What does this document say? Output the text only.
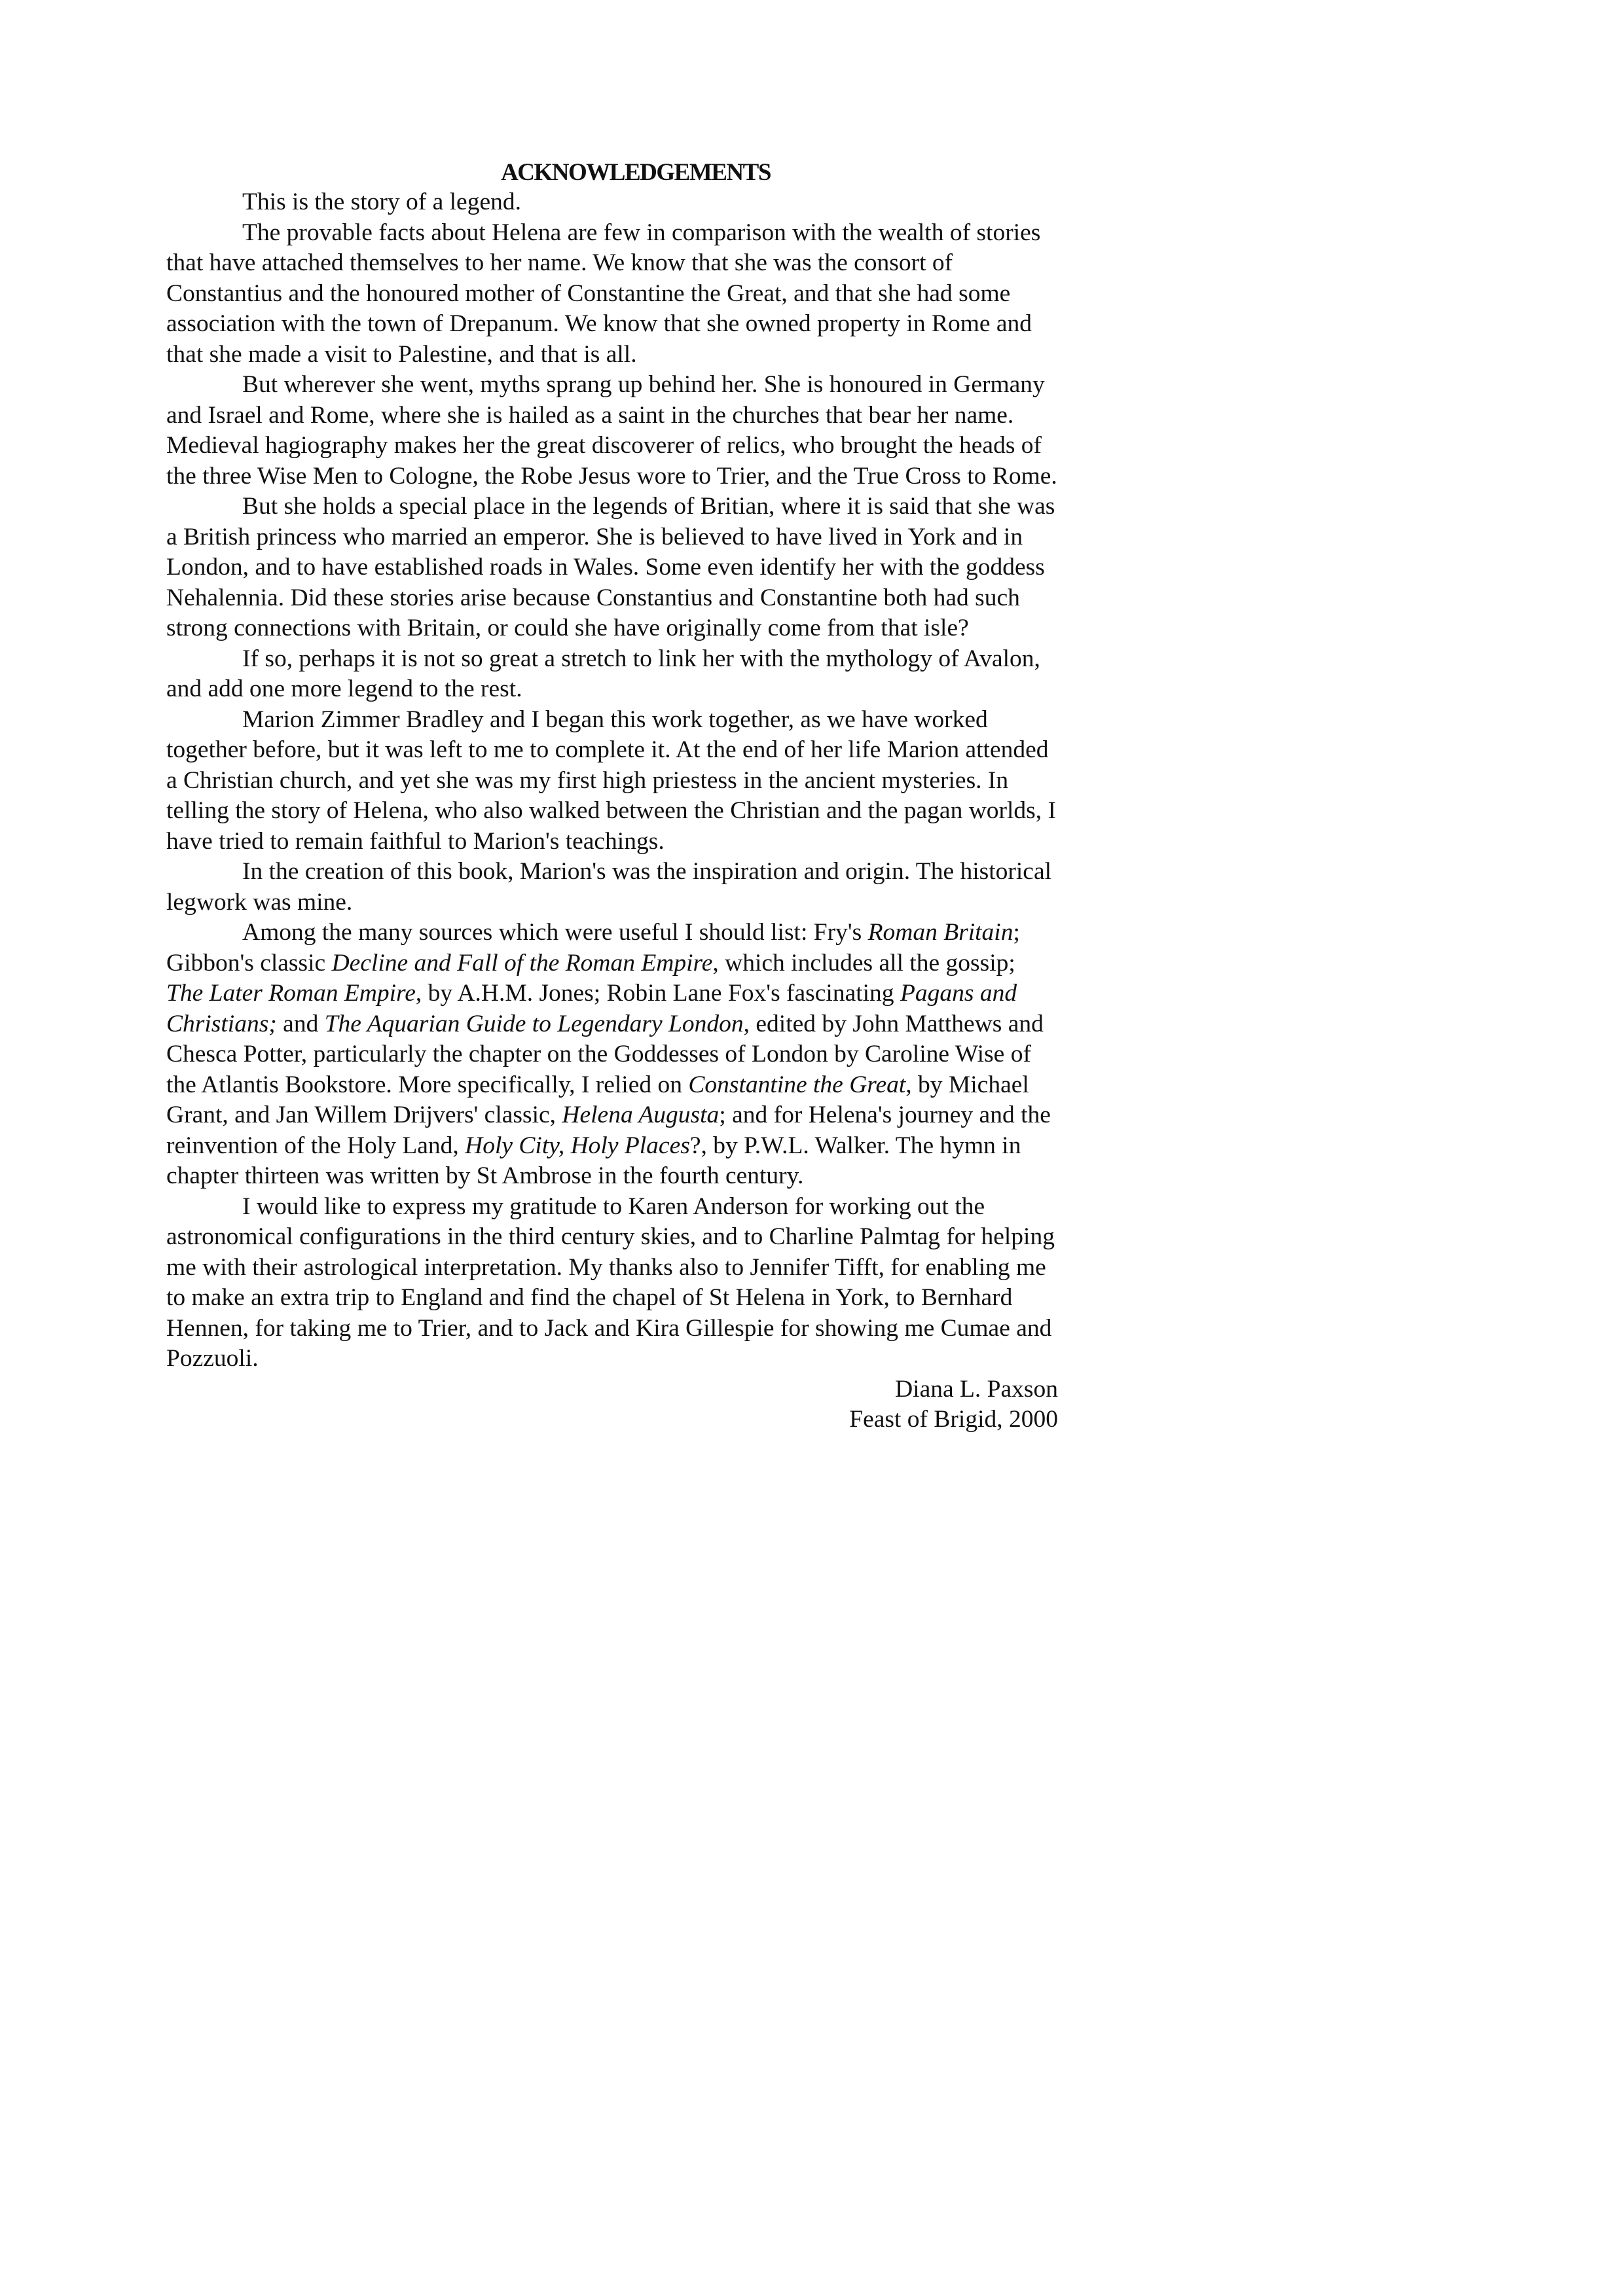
ACKNOWLEDGEMENTS

This is the story of a legend.

The provable facts about Helena are few in comparison with the wealth of stories that have attached themselves to her name. We know that she was the consort of Constantius and the honoured mother of Constantine the Great, and that she had some association with the town of Drepanum. We know that she owned property in Rome and that she made a visit to Palestine, and that is all.

But wherever she went, myths sprang up behind her. She is honoured in Germany and Israel and Rome, where she is hailed as a saint in the churches that bear her name. Medieval hagiography makes her the great discoverer of relics, who brought the heads of the three Wise Men to Cologne, the Robe Jesus wore to Trier, and the True Cross to Rome.

But she holds a special place in the legends of Britian, where it is said that she was a British princess who married an emperor. She is believed to have lived in York and in London, and to have established roads in Wales. Some even identify her with the goddess Nehalennia. Did these stories arise because Constantius and Constantine both had such strong connections with Britain, or could she have originally come from that isle?

If so, perhaps it is not so great a stretch to link her with the mythology of Avalon, and add one more legend to the rest.

Marion Zimmer Bradley and I began this work together, as we have worked together before, but it was left to me to complete it. At the end of her life Marion attended a Christian church, and yet she was my first high priestess in the ancient mysteries. In telling the story of Helena, who also walked between the Christian and the pagan worlds, I have tried to remain faithful to Marion's teachings.

In the creation of this book, Marion's was the inspiration and origin. The historical legwork was mine.

Among the many sources which were useful I should list: Fry's Roman Britain; Gibbon's classic Decline and Fall of the Roman Empire, which includes all the gossip; The Later Roman Empire, by A.H.M. Jones; Robin Lane Fox's fascinating Pagans and Christians; and The Aquarian Guide to Legendary London, edited by John Matthews and Chesca Potter, particularly the chapter on the Goddesses of London by Caroline Wise of the Atlantis Bookstore. More specifically, I relied on Constantine the Great, by Michael Grant, and Jan Willem Drijvers' classic, Helena Augusta; and for Helena's journey and the reinvention of the Holy Land, Holy City, Holy Places?, by P.W.L. Walker. The hymn in chapter thirteen was written by St Ambrose in the fourth century.

I would like to express my gratitude to Karen Anderson for working out the astronomical configurations in the third century skies, and to Charline Palmtag for helping me with their astrological interpretation. My thanks also to Jennifer Tifft, for enabling me to make an extra trip to England and find the chapel of St Helena in York, to Bernhard Hennen, for taking me to Trier, and to Jack and Kira Gillespie for showing me Cumae and Pozzuoli.

Diana L. Paxson

Feast of Brigid, 2000
